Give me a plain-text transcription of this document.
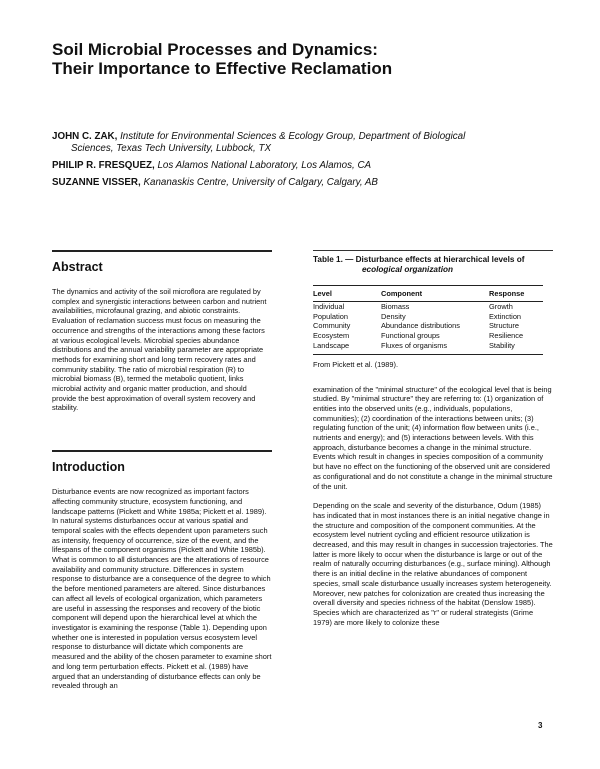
Soil Microbial Processes and Dynamics:
Their Importance to Effective Reclamation
JOHN C. ZAK, Institute for Environmental Sciences & Ecology Group, Department of Biological
Sciences, Texas Tech University, Lubbock, TX
PHILIP R. FRESQUEZ, Los Alamos National Laboratory, Los Alamos, CA
SUZANNE VISSER, Kananaskis Centre, University of Calgary, Calgary, AB
Abstract

The dynamics and activity of the soil microflora are regulated by complex and synergistic interactions between carbon and nutrient availabilities, microfaunal grazing, and abiotic constraints. Evaluation of reclamation success must focus on measuring the occurrence and strengths of the interactions among these factors at various ecological levels. Microbial species abundance distributions and the annual variability parameter are appropriate methods for examining short and long term recovery rates and community stability. The ratio of microbial respiration (R) to microbial biomass (B), termed the metabolic quotient, links microbial activity and organic matter production, and should provide the best approximation of overall system recovery and stability.

Introduction

Disturbance events are now recognized as important factors affecting community structure, ecosystem functioning, and landscape patterns (Pickett and White 1985a; Pickett et al. 1989). In natural systems disturbances occur at various spatial and temporal scales with the effects dependent upon parameters such as intensity, frequency of occurrence, size of the event, and the lifespans of the component organisms (Pickett and White 1985b). What is common to all disturbances are the alterations of resource availability and community structure. Differences in system response to disturbance are a consequence of the degree to which the before mentioned parameters are altered. Since disturbances can affect all levels of ecological organization, which parameters are useful in assessing the responses and recovery of the biotic component will depend upon the hierarchical level at which the investigator is examining the response (Table 1). Depending upon whether one is interested in population versus ecosystem level response to disturbance will dictate which components are measured and the ability of the chosen parameter to examine short and long term perturbation effects. Pickett et al. (1989) have argued that an understanding of disturbance effects can only be revealed through an

Table 1. — Disturbance effects at hierarchical levels of
ecological organization
Level	Component	Response
Individual	Biomass	Growth
Population	Density	Extinction
Community	Abundance distributions	Structure
Ecosystem	Functional groups	Resilience
Landscape	Fluxes of organisms	Stability
From Pickett et al. (1989).

examination of the "minimal structure" of the ecological level that is being studied. By "minimal structure" they are referring to: (1) organization of entities into the observed units (e.g., individuals, populations, communities); (2) coordination of the interactions between units; (3) regulating function of the unit; (4) information flow between units (i.e., nutrients and energy); and (5) interactions between levels. With this approach, disturbance becomes a change in the minimal structure. Events which result in changes in species composition of a community but have no effect on the functioning of the observed unit are considered as configurational and do not constitute a change in the minimal structure of the unit.

Depending on the scale and severity of the disturbance, Odum (1985) has indicated that in most instances there is an initial negative change in the structure and composition of the component communities. At the ecosystem level nutrient cycling and efficient resource utilization is decreased, and this may result in changes in succession trajectories. The latter is more likely to occur when the disturbance is large or out of the realm of naturally occurring disturbances (e.g., surface mining). Although there is an initial decline in the relative abundances of component species, small scale disturbance usually increases system heterogeneity. Moreover, new patches for colonization are created thus increasing the overall diversity and species richness of the habitat (Denslow 1985). Species which are characterized as "r" or ruderal strategists (Grime 1979) are more likely to colonize these

3
